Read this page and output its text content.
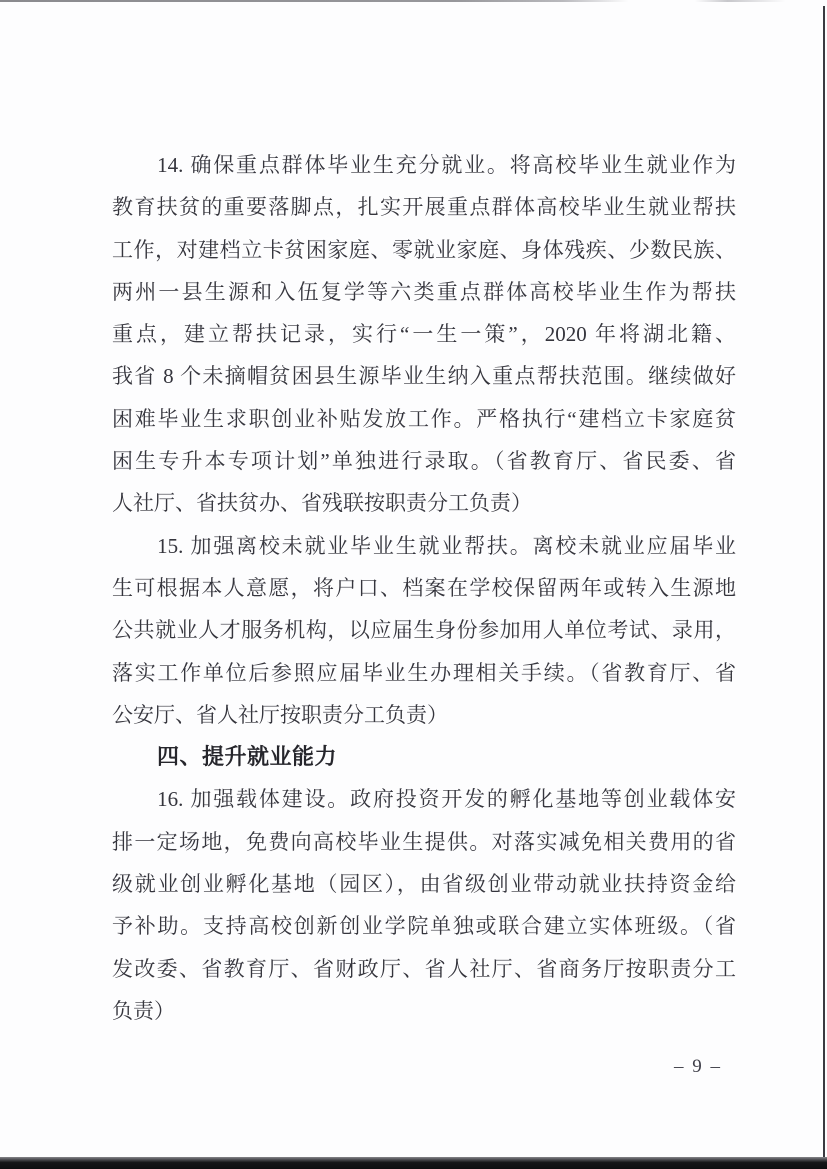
14. 确保重点群体毕业生充分就业。将高校毕业生就业作为
教育扶贫的重要落脚点，扎实开展重点群体高校毕业生就业帮扶
工作，对建档立卡贫困家庭、零就业家庭、身体残疾、少数民族、
两州一县生源和入伍复学等六类重点群体高校毕业生作为帮扶
重点，建立帮扶记录，实行“一生一策”，2020 年将湖北籍、
我省 8 个未摘帽贫困县生源毕业生纳入重点帮扶范围。继续做好
困难毕业生求职创业补贴发放工作。严格执行“建档立卡家庭贫
困生专升本专项计划”单独进行录取。（省教育厅、省民委、省
人社厅、省扶贫办、省残联按职责分工负责）
15. 加强离校未就业毕业生就业帮扶。离校未就业应届毕业
生可根据本人意愿，将户口、档案在学校保留两年或转入生源地
公共就业人才服务机构，以应届生身份参加用人单位考试、录用，
落实工作单位后参照应届毕业生办理相关手续。（省教育厅、省
公安厅、省人社厅按职责分工负责）
四、提升就业能力
16. 加强载体建设。政府投资开发的孵化基地等创业载体安
排一定场地，免费向高校毕业生提供。对落实减免相关费用的省
级就业创业孵化基地（园区），由省级创业带动就业扶持资金给
予补助。支持高校创新创业学院单独或联合建立实体班级。（省
发改委、省教育厅、省财政厅、省人社厅、省商务厅按职责分工
负责）
– 9 –
